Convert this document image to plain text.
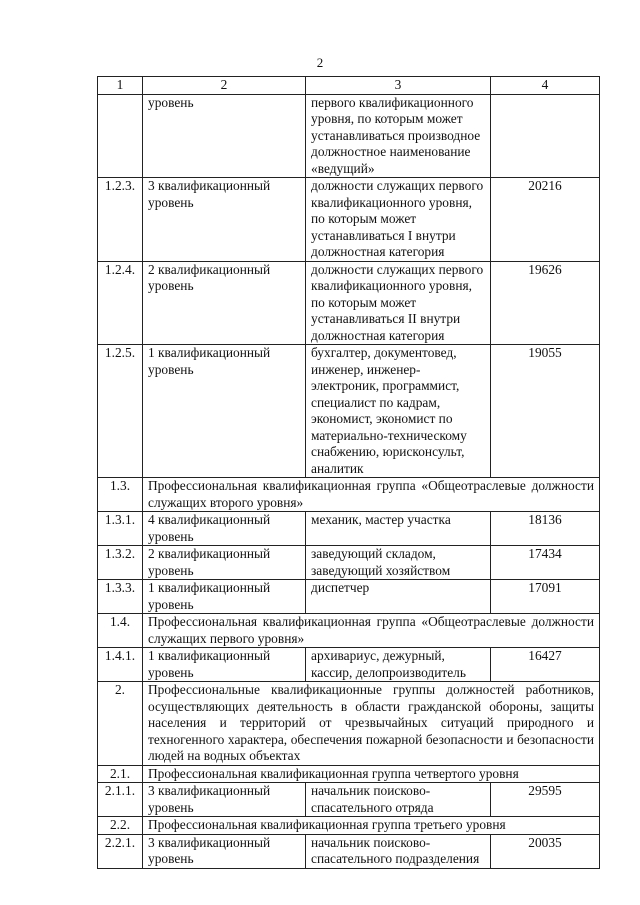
2
1	2	3	4
	уровень	первого квалификационного уровня, по которым может устанавливаться производное должностное наименование «ведущий»	
1.2.3.	3 квалификационный уровень	должности служащих первого квалификационного уровня, по которым может устанавливаться I внутри должностная категория	20216
1.2.4.	2 квалификационный уровень	должности служащих первого квалификационного уровня, по которым может устанавливаться II внутри должностная категория	19626
1.2.5.	1 квалификационный уровень	бухгалтер, документовед, инженер, инженер-электроник, программист, специалист по кадрам, экономист, экономист по материально-техническому снабжению, юрисконсульт, аналитик	19055
1.3.	Профессиональная квалификационная группа «Общеотраслевые должности служащих второго уровня»		
1.3.1.	4 квалификационный уровень	механик, мастер участка	18136
1.3.2.	2 квалификационный уровень	заведующий складом, заведующий хозяйством	17434
1.3.3.	1 квалификационный уровень	диспетчер	17091
1.4.	Профессиональная квалификационная группа «Общеотраслевые должности служащих первого уровня»		
1.4.1.	1 квалификационный уровень	архивариус, дежурный, кассир, делопроизводитель	16427
2.	Профессиональные квалификационные группы должностей работников, осуществляющих деятельность в области гражданской обороны, защиты населения и территорий от чрезвычайных ситуаций природного и техногенного характера, обеспечения пожарной безопасности и безопасности людей на водных объектах		
2.1.	Профессиональная квалификационная группа четвертого уровня		
2.1.1.	3 квалификационный уровень	начальник поисково-спасательного отряда	29595
2.2.	Профессиональная квалификационная группа третьего уровня		
2.2.1.	3 квалификационный уровень	начальник поисково-спасательного подразделения	20035
